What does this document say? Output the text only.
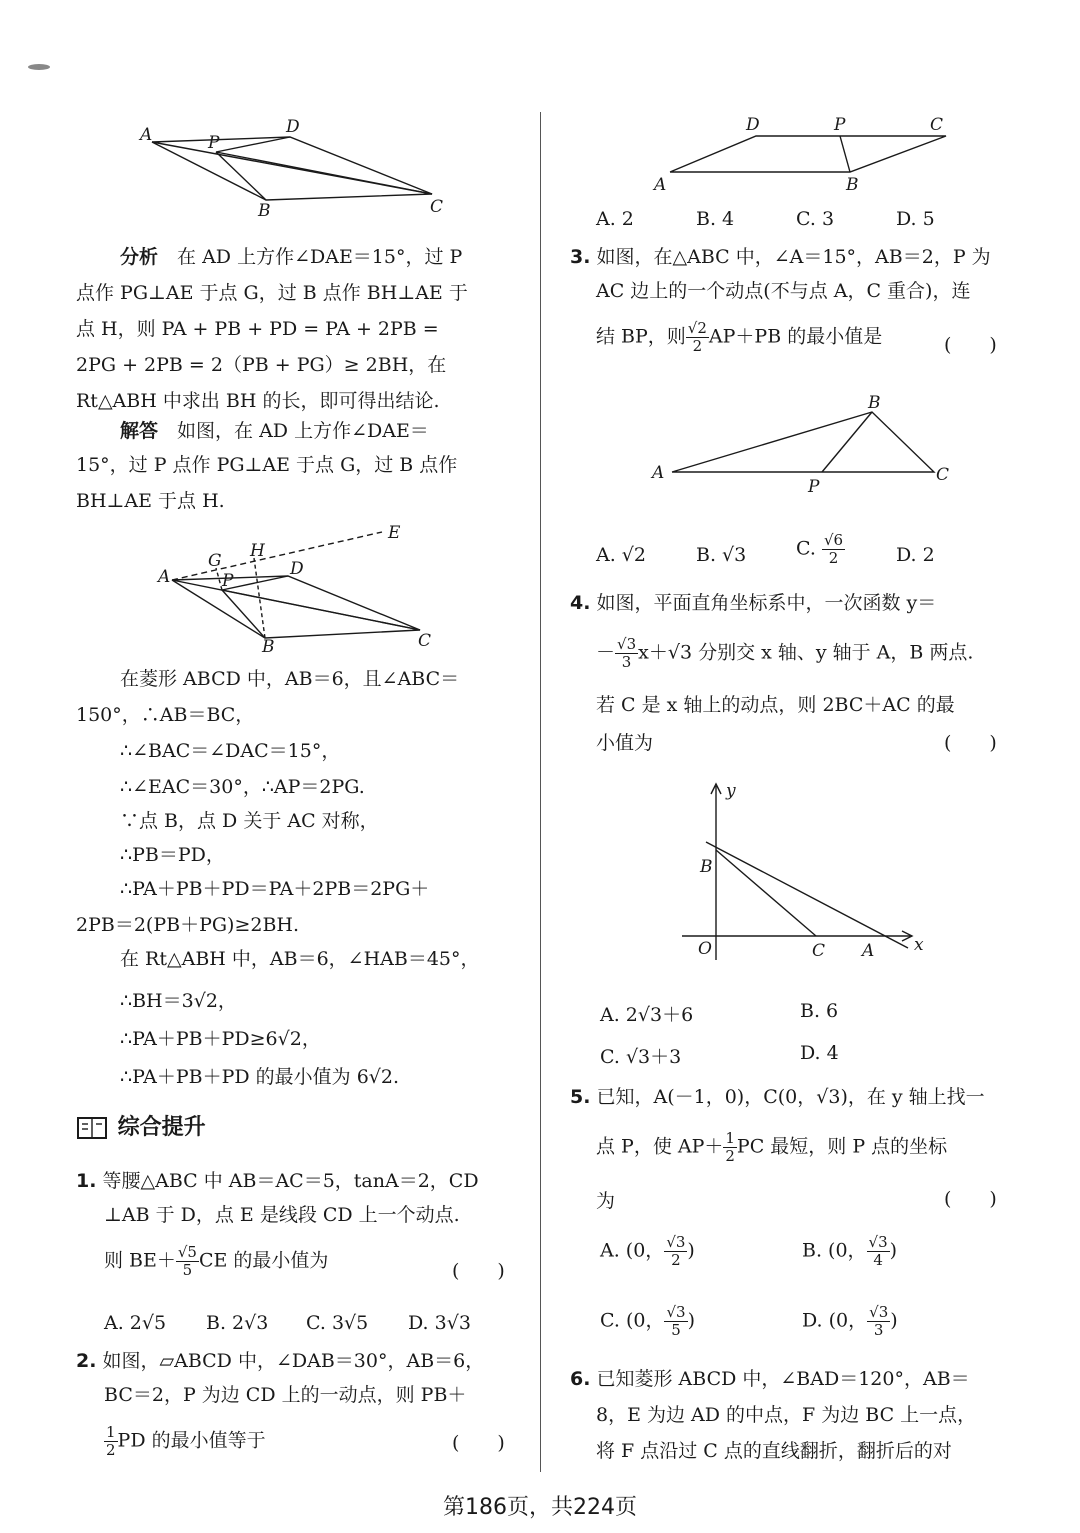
A	D
P
B	C
分析　 在 AD 上方作∠DAE＝15°，过 P
点作 PG⊥AE 于点 G，过 B 点作 BH⊥AE 于
点 H，则 PA + PB + PD = PA + 2PB =
2PG + 2PB = 2（PB + PG）≥ 2BH，在
Rt△ABH 中求出 BH 的长，即可得出结论.
解答　 如图，在 AD 上方作∠DAE＝
15°，过 P 点作 PG⊥AE 于点 G，过 B 点作
BH⊥AE 于点 H.
E
G H
A	P
D
B	C
在菱形 ABCD 中，AB＝6，且∠ABC＝
150°，∴AB＝BC，
∴∠BAC＝∠DAC＝15°，
∴∠EAC＝30°，∴AP＝2PG.
∵点 B，点 D 关于 AC 对称，
∴PB＝PD，
∴PA＋PB＋PD＝PA＋2PB＝2PG＋
2PB＝2(PB＋PG)≥2BH.
在 Rt△ABH 中，AB＝6，∠HAB＝45°，
∴BH＝3√2，
∴PA＋PB＋PD≥6√2，
∴PA＋PB＋PD 的最小值为 6√2.
综合提升
1. 等腰△ABC 中 AB＝AC＝5，tanA＝2，CD
⊥AB 于 D，点 E 是线段 CD 上一个动点.
则 $BE+ \frac{√5}{5}$ CE 的最小值为	(　　)
A. 2√5 B. 2√3 C. 3√5 D. 3√3
2. 如图，▱ABCD 中，∠DAB＝30°，AB＝6，
BC＝2，P 为边 CD 上的一动点，则 PB＋
$\frac{1}{2}$ PD 的最小值等于	(　　)
D	P	C
A	B
A. 2	B. 4	C. 3	D. 5
3. 如图，在△ABC 中，∠A＝15°，AB＝2，P 为
AC 边上的一个动点(不与点 A，C 重合)，连
结 BP，则 $\frac{√2}{2} AP+PB$ 的最小值是	(　　)
B
A
P
C
A. √2	B. √3	C. $\frac{√6}{2}$	D. 2
4. 如图，平面直角坐标系中，一次函数 y＝
－ $\frac{√3}{3} x+√3$ 分别交 x 轴、y 轴于 A，B 两点.
若 C 是 x 轴上的动点，则 2BC＋AC 的最
小值为	(　　)
y
x
O
B
C A
A. 2√3＋6	B. 6
C. √3＋3	D. 4
5. 已知，A(－1，0)，C(0，√3)，在 y 轴上找一
点 P，使 $AP+ \frac{1}{2}$ PC 最短，则 P 点的坐标
为	(　　)
A. (0， $\frac{√3}{2}$ )	B. (0， $\frac{√3}{4}$ )
C. (0， $\frac{√3}{5}$ )	D. (0， $\frac{√3}{3}$ )
6. 已知菱形 ABCD 中，∠BAD＝120°，AB＝
8，E 为边 AD 的中点，F 为边 BC 上一点，
将 F 点沿过 C 点的直线翻折，翻折后的对
第186页，共224页
